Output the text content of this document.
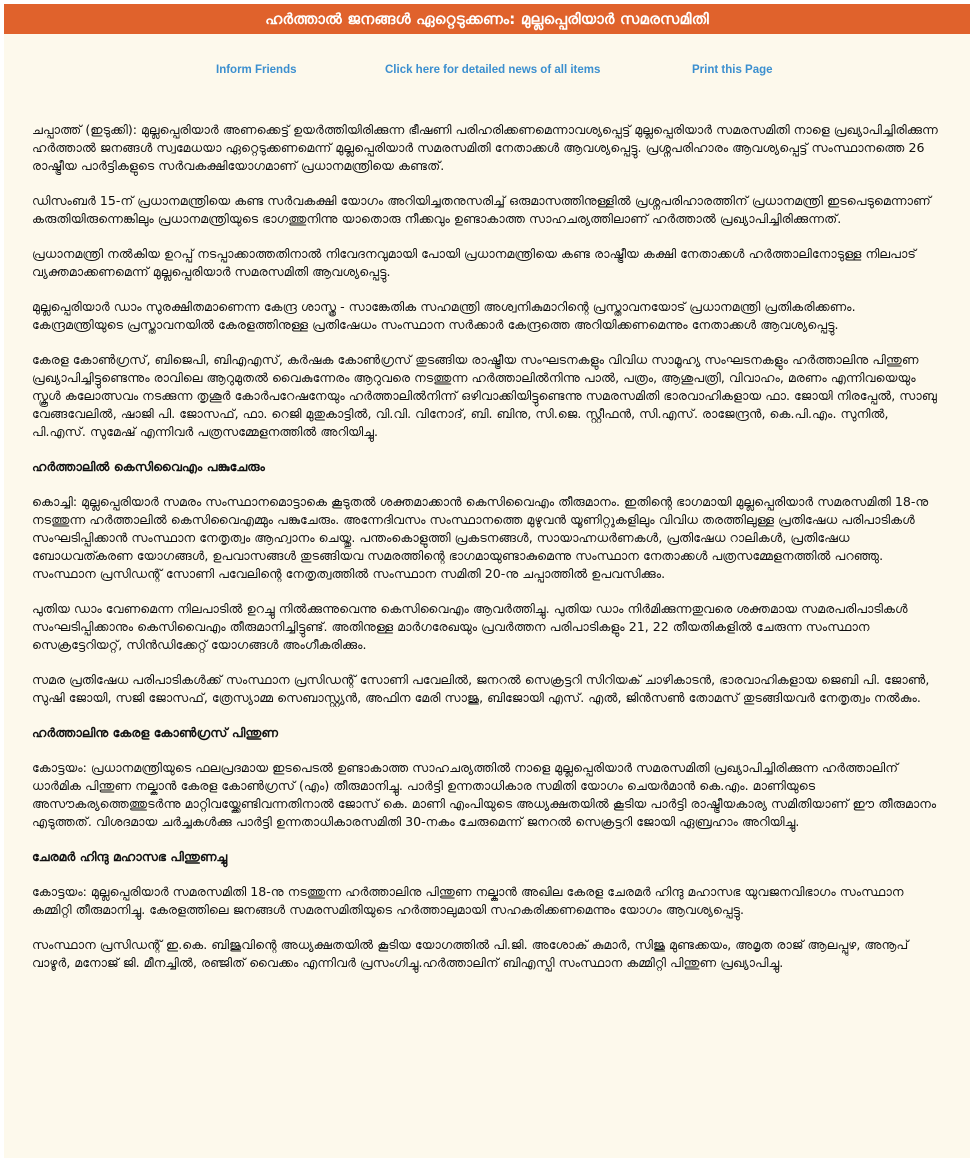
ഹർത്താൽ ജനങ്ങൾ ഏറ്റെടുക്കണം: മുല്ലപ്പെരിയാർ സമരസമിതി
Inform Friends	Click here for detailed news of all items	Print this Page

ചപ്പാത്ത് (ഇടുക്കി): മുല്ലപ്പെരിയാർ അണക്കെട്ട് ഉയർത്തിയിരിക്കുന്ന ഭീഷണി പരിഹരിക്കണമെന്നാവശ്യപ്പെട്ട് മുല്ലപ്പെരിയാർ സമരസമിതി നാളെ പ്രഖ്യാപിച്ചിരിക്കുന്ന ഹർത്താൽ ജനങ്ങൾ സ്വമേധയാ ഏറ്റെടുക്കണമെന്ന് മുല്ലപ്പെരിയാർ സമരസമിതി നേതാക്കൾ ആവശ്യപ്പെട്ടു. പ്രശ്നപരിഹാരം ആവശ്യപ്പെട്ട് സംസ്ഥാനത്തെ 26 രാഷ്ട്രീയ പാർട്ടികളുടെ സർവകക്ഷിയോഗമാണ് പ്രധാനമന്ത്രിയെ കണ്ടത്.

ഡിസംബർ 15-ന് പ്രധാനമന്ത്രിയെ കണ്ട സർവകക്ഷി യോഗം അറിയിച്ചതനുസരിച്ച് ഒരുമാസത്തിനുള്ളിൽ പ്രശ്നപരിഹാരത്തിന് പ്രധാനമന്ത്രി ഇടപെടുമെന്നാണ് കരുതിയിരുന്നെങ്കിലും പ്രധാനമന്ത്രിയുടെ ഭാഗത്തുനിന്നു യാതൊരു നീക്കവും ഉണ്ടാകാത്ത സാഹചര്യത്തിലാണ് ഹർത്താൽ പ്രഖ്യാപിച്ചിരിക്കുന്നത്.

പ്രധാനമന്ത്രി നൽകിയ ഉറപ്പ് നടപ്പാക്കാത്തതിനാൽ നിവേദനവുമായി പോയി പ്രധാനമന്ത്രിയെ കണ്ട രാഷ്ട്രീയ കക്ഷി നേതാക്കൾ ഹർത്താലിനോടുള്ള നിലപാട് വ്യക്തമാക്കണമെന്ന് മുല്ലപ്പെരിയാർ സമരസമിതി ആവശ്യപ്പെട്ടു.

മുല്ലപ്പെരിയാർ ഡാം സുരക്ഷിതമാണെന്ന കേന്ദ്ര ശാസ്ത്ര - സാങ്കേതിക സഹമന്ത്രി അശ്വനികുമാറിന്റെ പ്രസ്താവനയോട് പ്രധാനമന്ത്രി പ്രതികരിക്കണം. കേന്ദ്രമന്ത്രിയുടെ പ്രസ്താവനയിൽ കേരളത്തിനുള്ള പ്രതിഷേധം സംസ്ഥാന സർക്കാർ കേന്ദ്രത്തെ അറിയിക്കണമെന്നും നേതാക്കൾ ആവശ്യപ്പെട്ടു.

കേരള കോൺഗ്രസ്, ബിജെപി, ബിഎഎസ്, കർഷക കോൺഗ്രസ് തുടങ്ങിയ രാഷ്ട്രീയ സംഘടനകളും വിവിധ സാമൂഹ്യ സംഘടനകളും ഹർത്താലിനു പിന്തുണ പ്രഖ്യാപിച്ചിട്ടുണ്ടെന്നും രാവിലെ ആറുമുതൽ വൈകുന്നേരം ആറുവരെ നടത്തുന്ന ഹർത്താലിൽനിന്നു പാൽ, പത്രം, ആശുപത്രി, വിവാഹം, മരണം എന്നിവയെയും സ്കൂൾ കലോത്സവം നടക്കുന്ന തൃശൂർ കോർപറേഷനേയും ഹർത്താലിൽനിന്ന് ഒഴിവാക്കിയിട്ടുണ്ടെന്നു സമരസമിതി ഭാരവാഹികളായ ഫാ. ജോയി നിരപ്പേൽ, സാബു വേങ്ങവേലിൽ, ഷാജി പി. ജോസഫ്, ഫാ. റെജി മുതുകാട്ടിൽ, വി.വി. വിനോദ്, ബി. ബിനു, സി.ജെ. സ്റ്റീഫൻ, സി.എസ്. രാജേന്ദ്രൻ, കെ.പി.എം. സുനിൽ, പി.എസ്. സുമേഷ് എന്നിവർ പത്രസമ്മേളനത്തിൽ അറിയിച്ചു.

ഹർത്താലിൽ കെസിവൈഎം പങ്കുചേരും

കൊച്ചി: മുല്ലപ്പെരിയാർ സമരം സംസ്ഥാനമൊട്ടാകെ കൂടുതൽ ശക്തമാക്കാൻ കെസിവൈഎം തീരുമാനം. ഇതിന്റെ ഭാഗമായി മുല്ലപ്പെരിയാർ സമരസമിതി 18-നു നടത്തുന്ന ഹർത്താലിൽ കെസിവൈഎമ്മും പങ്കുചേരും. അന്നേദിവസം സംസ്ഥാനത്തെ മുഴുവൻ യൂണിറ്റുകളിലും വിവിധ തരത്തിലുള്ള പ്രതിഷേധ പരിപാടികൾ സംഘടിപ്പിക്കാൻ സംസ്ഥാന നേതൃത്വം ആഹ്വാനം ചെയ്തു. പന്തംകൊളുത്തി പ്രകടനങ്ങൾ, സായാഹ്നധർണകൾ, പ്രതിഷേധ റാലികൾ, പ്രതിഷേധ ബോധവത്കരണ യോഗങ്ങൾ, ഉപവാസങ്ങൾ തുടങ്ങിയവ സമരത്തിന്റെ ഭാഗമായുണ്ടാകുമെന്നു സംസ്ഥാന നേതാക്കൾ പത്രസമ്മേളനത്തിൽ പറഞ്ഞു. സംസ്ഥാന പ്രസിഡന്റ് സോണി പവേലിന്റെ നേതൃത്വത്തിൽ സംസ്ഥാന സമിതി 20-നു ചപ്പാത്തിൽ ഉപവസിക്കും.

പുതിയ ഡാം വേണമെന്ന നിലപാടിൽ ഉറച്ചു നിൽക്കുന്നുവെന്നു കെസിവൈഎം ആവർത്തിച്ചു. പുതിയ ഡാം നിർമിക്കുന്നതുവരെ ശക്തമായ സമരപരിപാടികൾ സംഘടിപ്പിക്കാനും കെസിവൈഎം തീരുമാനിച്ചിട്ടുണ്ട്. അതിനുള്ള മാർഗരേഖയും പ്രവർത്തന പരിപാടികളും 21, 22 തീയതികളിൽ ചേരുന്ന സംസ്ഥാന സെക്രട്ടേറിയറ്റ്, സിൻഡിക്കേറ്റ് യോഗങ്ങൾ അംഗീകരിക്കും.

സമര പ്രതിഷേധ പരിപാടികൾക്ക് സംസ്ഥാന പ്രസിഡന്റ് സോണി പവേലിൽ, ജനറൽ സെക്രട്ടറി സിറിയക് ചാഴികാടൻ, ഭാരവാഹികളായ ജെബി പി. ജോൺ, സുഷി ജോയി, സജി ജോസഫ്, ത്രേസ്യാമ്മ സെബാസ്റ്റ്യൻ, അഫിന മേരി സാജു, ബിജോയി എസ്. എൽ, ജിൻസൺ തോമസ് തുടങ്ങിയവർ നേതൃത്വം നൽകും.

ഹർത്താലിനു കേരള കോൺഗ്രസ് പിന്തുണ

കോട്ടയം: പ്രധാനമന്ത്രിയുടെ ഫലപ്രദമായ ഇടപെടൽ ഉണ്ടാകാത്ത സാഹചര്യത്തിൽ നാളെ മുല്ലപ്പെരിയാർ സമരസമിതി പ്രഖ്യാപിച്ചിരിക്കുന്ന ഹർത്താലിന് ധാർമിക പിന്തുണ നല്കാൻ കേരള കോൺഗ്രസ് (എം) തീരുമാനിച്ചു. പാർട്ടി ഉന്നതാധികാര സമിതി യോഗം ചെയർമാൻ കെ.എം. മാണിയുടെ അസൗകര്യത്തെത്തുടർന്നു മാറ്റിവയ്ക്കേണ്ടിവന്നതിനാൽ ജോസ് കെ. മാണി എംപിയുടെ അധ്യക്ഷതയിൽ കൂടിയ പാർട്ടി രാഷ്ട്രീയകാര്യ സമിതിയാണ് ഈ തീരുമാനം എടുത്തത്. വിശദമായ ചർച്ചകൾക്കു പാർട്ടി ഉന്നതാധികാരസമിതി 30-നകം ചേരുമെന്ന് ജനറൽ സെക്രട്ടറി ജോയി ഏബ്രഹാം അറിയിച്ചു.

ചേരമർ ഹിന്ദു മഹാസഭ പിന്തുണച്ചു

കോട്ടയം: മുല്ലപ്പെരിയാർ സമരസമിതി 18-നു നടത്തുന്ന ഹർത്താലിനു പിന്തുണ നല്കാൻ അഖില കേരള ചേരമർ ഹിന്ദു മഹാസഭ യുവജനവിഭാഗം സംസ്ഥാന കമ്മിറ്റി തീരുമാനിച്ചു. കേരളത്തിലെ ജനങ്ങൾ സമരസമിതിയുടെ ഹർത്താലുമായി സഹകരിക്കണമെന്നും യോഗം ആവശ്യപ്പെട്ടു.

സംസ്ഥാന പ്രസിഡന്റ് ഇ.കെ. ബിജുവിന്റെ അധ്യക്ഷതയിൽ കൂടിയ യോഗത്തിൽ പി.ജി. അശോക് കുമാർ, സിജു മുണ്ടക്കയം, അമൃത രാജ് ആലപ്പുഴ, അനൂപ് വാഴൂർ, മനോജ് ജി. മീനച്ചിൽ, രഞ്ജിത് വൈക്കം എന്നിവർ പ്രസംഗിച്ചു.ഹർത്താലിന് ബിഎസ്പി സംസ്ഥാന കമ്മിറ്റി പിന്തുണ പ്രഖ്യാപിച്ചു.
